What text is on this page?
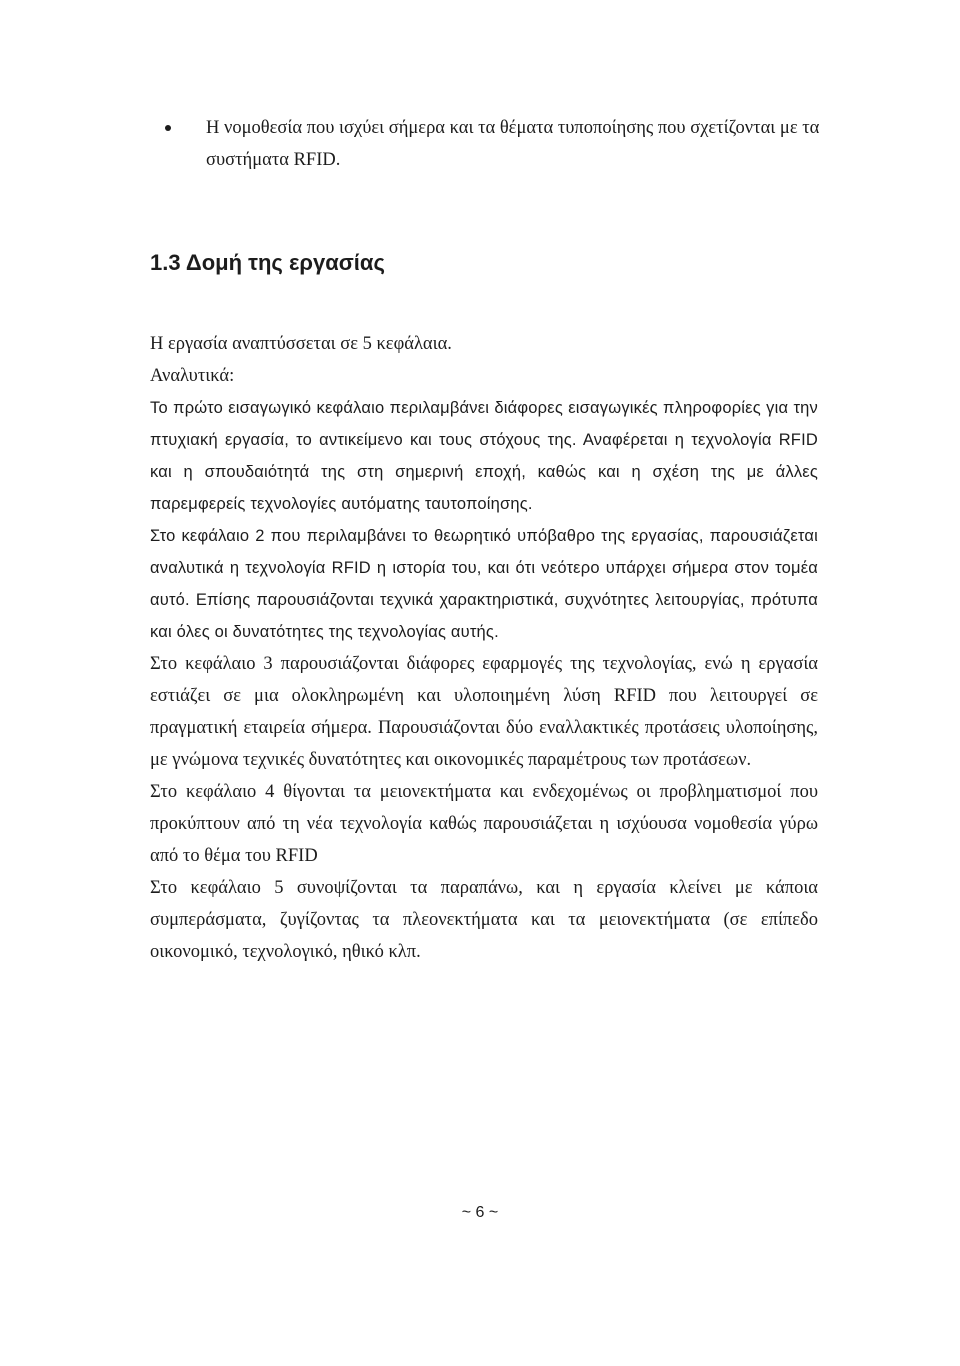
Η νομοθεσία που ισχύει σήμερα και τα θέματα τυποποίησης που σχετίζονται με τα συστήματα RFID.
1.3 Δομή της εργασίας

Η εργασία αναπτύσσεται σε 5 κεφάλαια.

Αναλυτικά:

Το πρώτο εισαγωγικό κεφάλαιο περιλαμβάνει διάφορες εισαγωγικές πληροφορίες για την πτυχιακή εργασία, το αντικείμενο και τους στόχους της. Αναφέρεται η τεχνολογία RFID και η σπουδαιότητά της στη σημερινή εποχή, καθώς και η σχέση της με άλλες παρεμφερείς τεχνολογίες αυτόματης ταυτοποίησης.

Στο κεφάλαιο 2 που περιλαμβάνει το θεωρητικό υπόβαθρο της εργασίας, παρουσιάζεται αναλυτικά η τεχνολογία RFID η ιστορία του, και ότι νεότερο υπάρχει σήμερα στον τομέα αυτό. Επίσης παρουσιάζονται τεχνικά χαρακτηριστικά, συχνότητες λειτουργίας, πρότυπα και όλες οι δυνατότητες της τεχνολογίας αυτής.

Στο κεφάλαιο 3 παρουσιάζονται διάφορες εφαρμογές της τεχνολογίας, ενώ η εργασία εστιάζει σε μια ολοκληρωμένη και υλοποιημένη λύση RFID που λειτουργεί σε πραγματική εταιρεία σήμερα. Παρουσιάζονται δύο εναλλακτικές προτάσεις υλοποίησης, με γνώμονα τεχνικές δυνατότητες και οικονομικές παραμέτρους των προτάσεων.

Στο κεφάλαιο 4 θίγονται τα μειονεκτήματα και ενδεχομένως οι προβληματισμοί που προκύπτουν από τη νέα τεχνολογία καθώς παρουσιάζεται η ισχύουσα νομοθεσία γύρω από το θέμα του RFID

Στο κεφάλαιο 5 συνοψίζονται τα παραπάνω, και η εργασία κλείνει με κάποια συμπεράσματα, ζυγίζοντας τα πλεονεκτήματα και τα μειονεκτήματα (σε επίπεδο οικονομικό, τεχνολογικό, ηθικό κλπ.

~ 6 ~
